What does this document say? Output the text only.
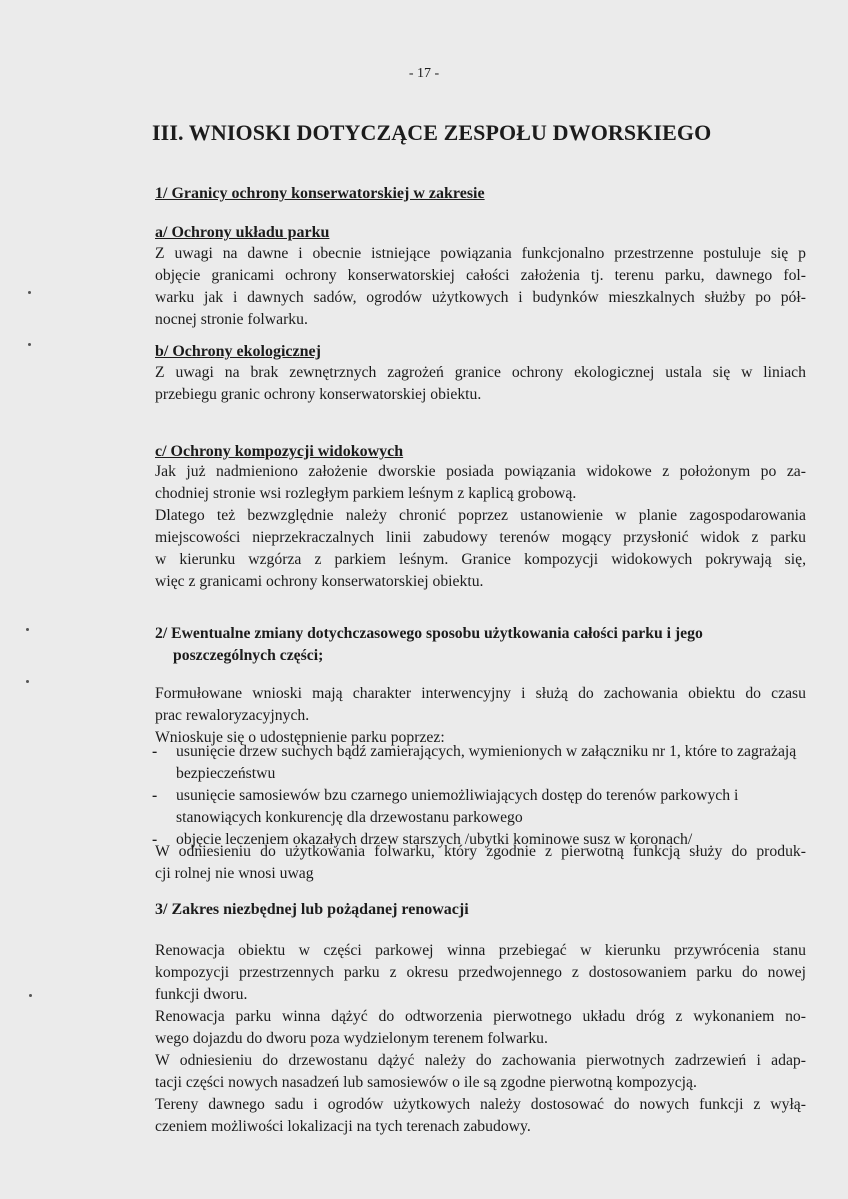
- 17 -
III. WNIOSKI DOTYCZĄCE ZESPOŁU DWORSKIEGO
1/ Granicy ochrony konserwatorskiej w zakresie
a/ Ochrony układu parku
Z uwagi na dawne i obecnie istniejące powiązania funkcjonalno przestrzenne postuluje się p
objęcie granicami ochrony konserwatorskiej całości założenia tj. terenu parku, dawnego fol-
warku jak i dawnych sadów, ogrodów użytkowych i budynków mieszkalnych służby po pół-
nocnej stronie folwarku.
b/ Ochrony ekologicznej
Z uwagi na brak zewnętrznych zagrożeń granice ochrony ekologicznej ustala się w liniach
przebiegu granic ochrony konserwatorskiej obiektu.
c/ Ochrony kompozycji widokowych
Jak już nadmieniono założenie dworskie posiada powiązania widokowe z położonym po za-
chodniej stronie wsi rozległym parkiem leśnym z kaplicą grobową.
Dlatego też bezwzględnie należy chronić poprzez ustanowienie w planie zagospodarowania
miejscowości nieprzekraczalnych linii zabudowy terenów mogący przysłonić widok z parku
w kierunku wzgórza z parkiem leśnym. Granice kompozycji widokowych pokrywają się,
więc z granicami ochrony konserwatorskiej obiektu.
2/ Ewentualne zmiany dotychczasowego sposobu użytkowania całości parku i jego
poszczególnych części;
Formułowane wnioski mają charakter interwencyjny i służą do zachowania obiektu do czasu
prac rewaloryzacyjnych.
Wnioskuje się o udostępnienie parku poprzez:
- usunięcie drzew suchych bądź zamierających, wymienionych w załączniku nr 1, które to zagrażają bezpieczeństwu
- usunięcie samosiewów bzu czarnego uniemożliwiających dostęp do terenów parkowych i stanowiących konkurencję dla drzewostanu parkowego
- objęcie leczeniem okazałych drzew starszych /ubytki kominowe susz w koronach/
W odniesieniu do użytkowania folwarku, który zgodnie z pierwotną funkcją służy do produk-
cji rolnej nie wnosi uwag
3/ Zakres niezbędnej lub pożądanej renowacji
Renowacja obiektu w części parkowej winna przebiegać w kierunku przywrócenia stanu
kompozycji przestrzennych parku z okresu przedwojennego z dostosowaniem parku do nowej
funkcji dworu.
Renowacja parku winna dążyć do odtworzenia pierwotnego układu dróg z wykonaniem no-
wego dojazdu do dworu poza wydzielonym terenem folwarku.
W odniesieniu do drzewostanu dążyć należy do zachowania pierwotnych zadrzewień i adap-
tacji części nowych nasadzeń lub samosiewów o ile są zgodne pierwotną kompozycją.
Tereny dawnego sadu i ogrodów użytkowych należy dostosować do nowych funkcji z wyłą-
czeniem możliwości lokalizacji na tych terenach zabudowy.
